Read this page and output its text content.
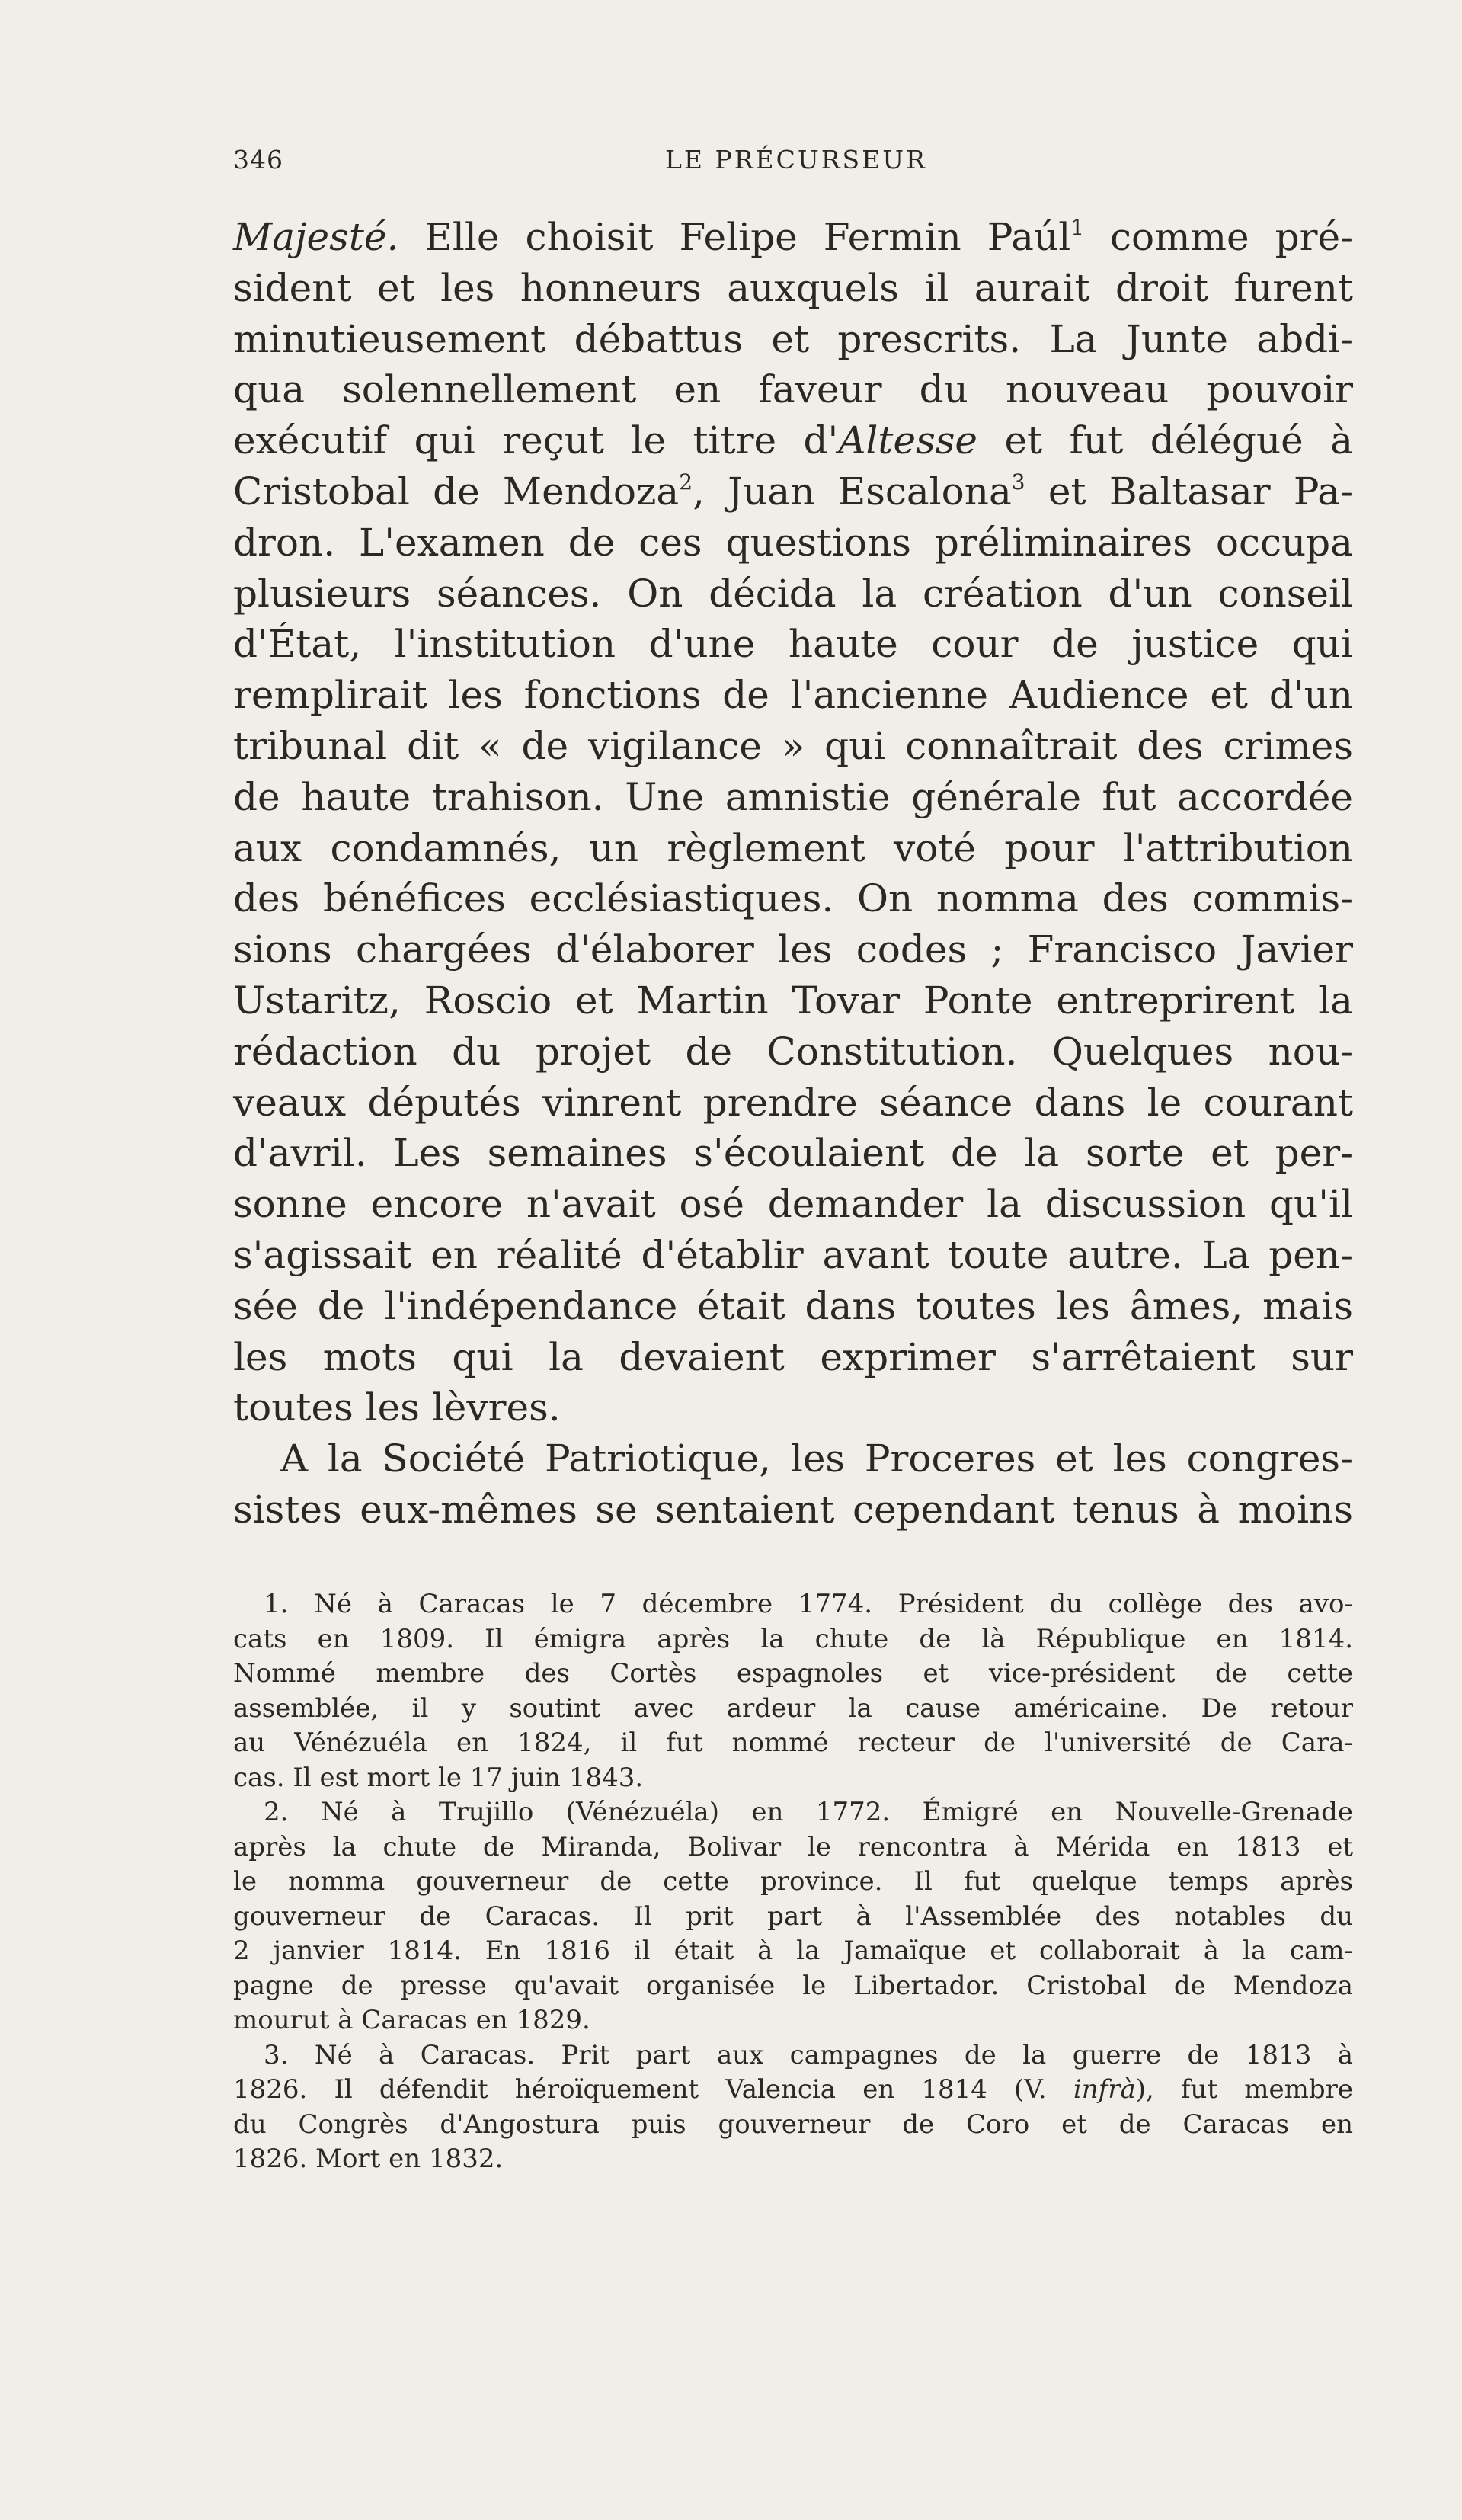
346	LE PRÉCURSEUR
Majesté. Elle choisit Felipe Fermin Paúl$^1$ comme pré-
sident et les honneurs auxquels il aurait droit furent
minutieusement débattus et prescrits. La Junte abdi-
qua solennellement en faveur du nouveau pouvoir
exécutif qui reçut le titre d'Altesse et fut délégué à
Cristobal de Mendoza$^2$, Juan Escalona$^3$ et Baltasar Pa-
dron. L'examen de ces questions préliminaires occupa
plusieurs séances. On décida la création d'un conseil
d'État, l'institution d'une haute cour de justice qui
remplirait les fonctions de l'ancienne Audience et d'un
tribunal dit « de vigilance » qui connaîtrait des crimes
de haute trahison. Une amnistie générale fut accordée
aux condamnés, un règlement voté pour l'attribution
des bénéfices ecclésiastiques. On nomma des commis-
sions chargées d'élaborer les codes ; Francisco Javier
Ustaritz, Roscio et Martin Tovar Ponte entreprirent la
rédaction du projet de Constitution. Quelques nou-
veaux députés vinrent prendre séance dans le courant
d'avril. Les semaines s'écoulaient de la sorte et per-
sonne encore n'avait osé demander la discussion qu'il
s'agissait en réalité d'établir avant toute autre. La pen-
sée de l'indépendance était dans toutes les âmes, mais
les mots qui la devaient exprimer s'arrêtaient sur
toutes les lèvres.
A la Société Patriotique, les Proceres et les congres-
sistes eux-mêmes se sentaient cependant tenus à moins
1. Né à Caracas le 7 décembre 1774. Président du collège des avo-
cats en 1809. Il émigra après la chute de là République en 1814.
Nommé membre des Cortès espagnoles et vice-président de cette
assemblée, il y soutint avec ardeur la cause américaine. De retour
au Vénézuéla en 1824, il fut nommé recteur de l'université de Cara-
cas. Il est mort le 17 juin 1843.
2. Né à Trujillo (Vénézuéla) en 1772. Émigré en Nouvelle-Grenade
après la chute de Miranda, Bolivar le rencontra à Mérida en 1813 et
le nomma gouverneur de cette province. Il fut quelque temps après
gouverneur de Caracas. Il prit part à l'Assemblée des notables du
2 janvier 1814. En 1816 il était à la Jamaïque et collaborait à la cam-
pagne de presse qu'avait organisée le Libertador. Cristobal de Mendoza
mourut à Caracas en 1829.
3. Né à Caracas. Prit part aux campagnes de la guerre de 1813 à
1826. Il défendit héroïquement Valencia en 1814 (V. infrà), fut membre
du Congrès d'Angostura puis gouverneur de Coro et de Caracas en
1826. Mort en 1832.
